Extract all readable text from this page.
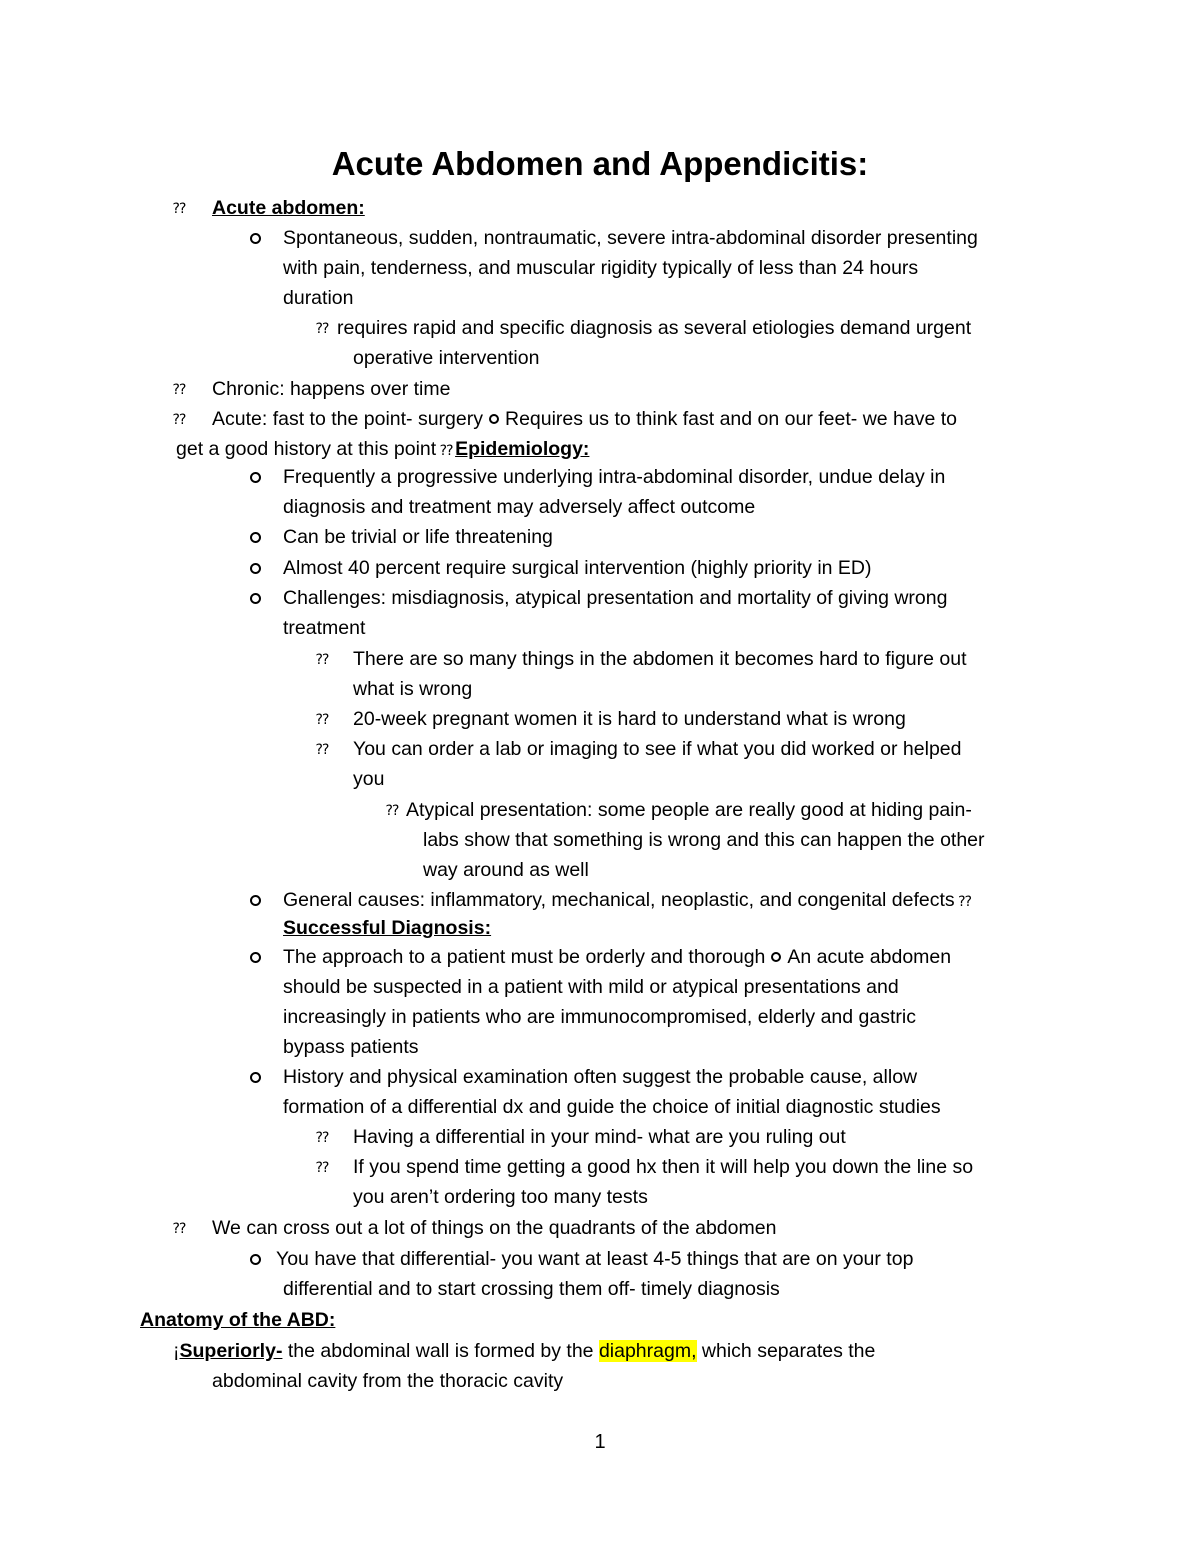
Acute Abdomen and Appendicitis:
⁇ Acute abdomen:

Spontaneous, sudden, nontraumatic, severe intra-abdominal disorder presenting

with pain, tenderness, and muscular rigidity typically of less than 24 hours

duration

⁇ requires rapid and specific diagnosis as several etiologies demand urgent

operative intervention

⁇ Chronic: happens over time

⁇ Acute: fast to the point- surgery Requires us to think fast and on our feet- we have to

get a good history at this point ⁇ Epidemiology:

Frequently a progressive underlying intra-abdominal disorder, undue delay in

diagnosis and treatment may adversely affect outcome

Can be trivial or life threatening

Almost 40 percent require surgical intervention (highly priority in ED)

Challenges: misdiagnosis, atypical presentation and mortality of giving wrong

treatment

⁇ There are so many things in the abdomen it becomes hard to figure out

what is wrong

⁇ 20-week pregnant women it is hard to understand what is wrong

⁇ You can order a lab or imaging to see if what you did worked or helped

you

⁇ Atypical presentation: some people are really good at hiding pain-

labs show that something is wrong and this can happen the other

way around as well

General causes: inflammatory, mechanical, neoplastic, and congenital defects ⁇

Successful Diagnosis:

The approach to a patient must be orderly and thorough An acute abdomen

should be suspected in a patient with mild or atypical presentations and

increasingly in patients who are immunocompromised, elderly and gastric

bypass patients

History and physical examination often suggest the probable cause, allow

formation of a differential dx and guide the choice of initial diagnostic studies

⁇ Having a differential in your mind- what are you ruling out

⁇ If you spend time getting a good hx then it will help you down the line so

you aren’t ordering too many tests

⁇ We can cross out a lot of things on the quadrants of the abdomen

You have that differential- you want at least 4-5 things that are on your top

differential and to start crossing them off- timely diagnosis

Anatomy of the ABD:

¡Superiorly- the abdominal wall is formed by the diaphragm, which separates the

abdominal cavity from the thoracic cavity

1
